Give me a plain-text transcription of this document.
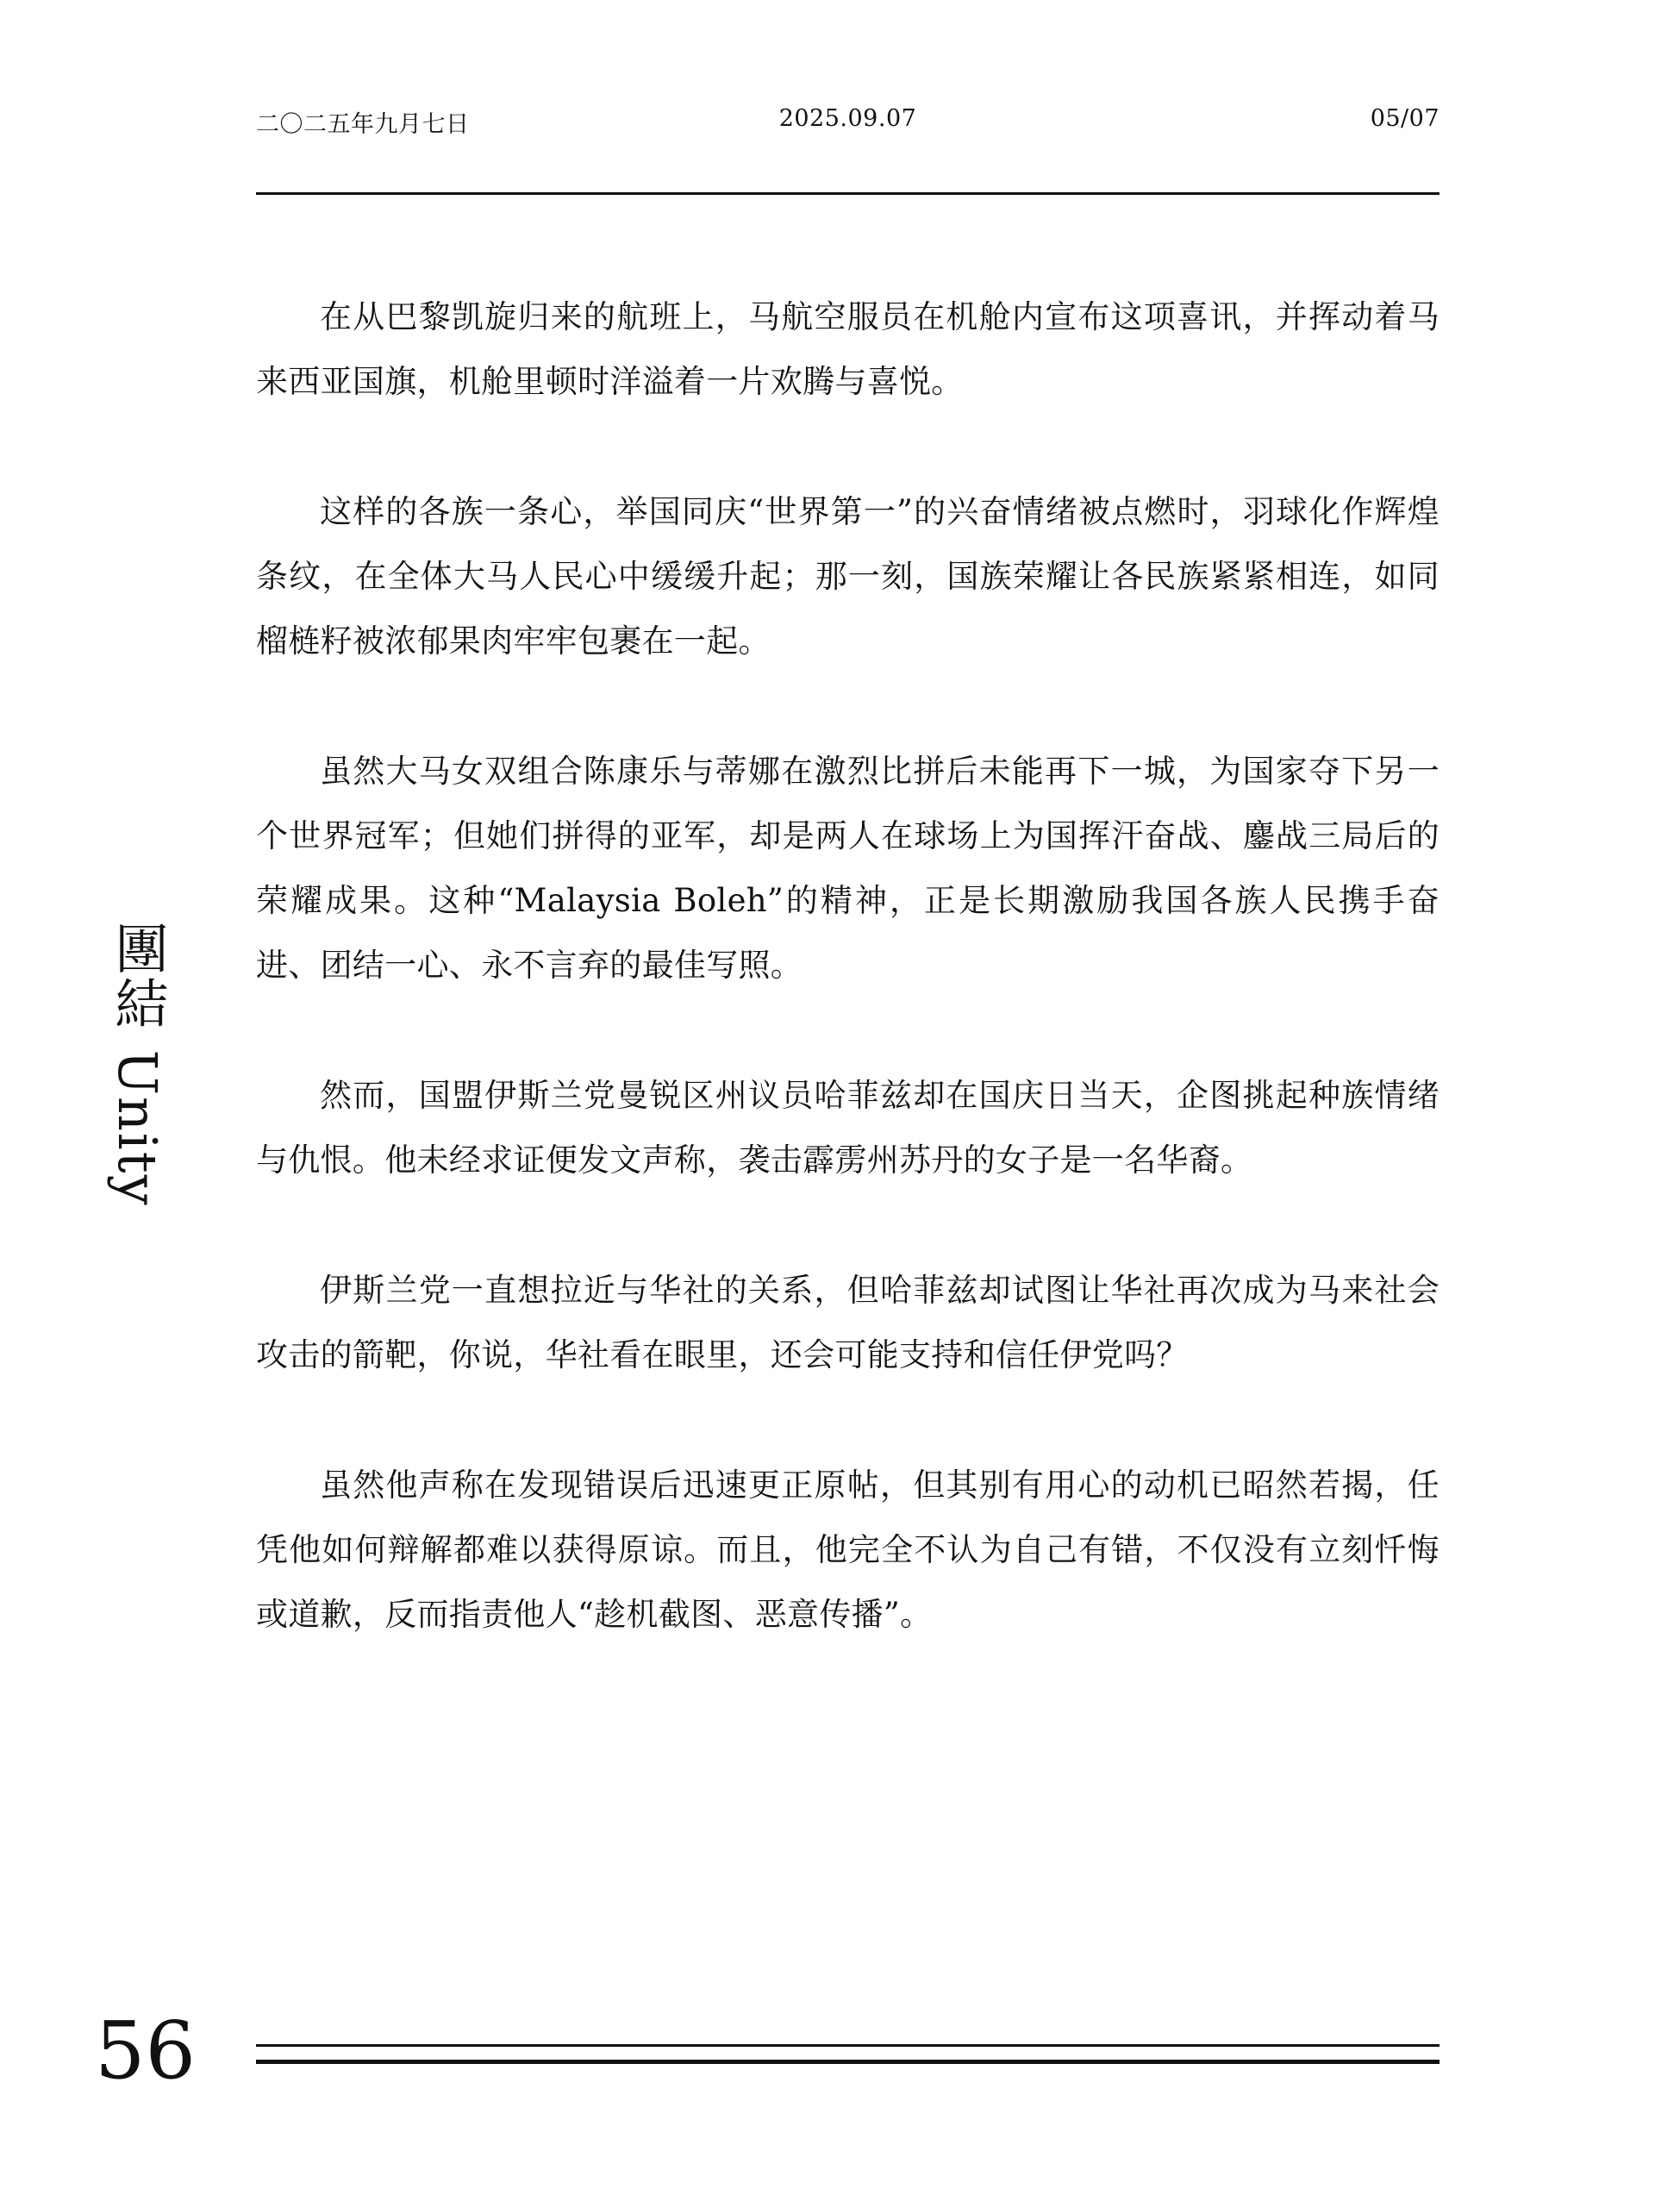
二〇二五年九月七日	2025.09.07	05/07

在从巴黎凯旋归来的航班上，马航空服员在机舱内宣布这项喜讯，并挥动着马来西亚国旗，机舱里顿时洋溢着一片欢腾与喜悦。

这样的各族一条心，举国同庆“世界第一”的兴奋情绪被点燃时，羽球化作辉煌条纹，在全体大马人民心中缓缓升起；那一刻，国族荣耀让各民族紧紧相连，如同榴梿籽被浓郁果肉牢牢包裹在一起。

虽然大马女双组合陈康乐与蒂娜在激烈比拼后未能再下一城，为国家夺下另一个世界冠军；但她们拼得的亚军，却是两人在球场上为国挥汗奋战、鏖战三局后的荣耀成果。这种“Malaysia Boleh”的精神，正是长期激励我国各族人民携手奋进、团结一心、永不言弃的最佳写照。

然而，国盟伊斯兰党曼锐区州议员哈菲兹却在国庆日当天，企图挑起种族情绪与仇恨。他未经求证便发文声称，袭击霹雳州苏丹的女子是一名华裔。

伊斯兰党一直想拉近与华社的关系，但哈菲兹却试图让华社再次成为马来社会攻击的箭靶，你说，华社看在眼里，还会可能支持和信任伊党吗？

虽然他声称在发现错误后迅速更正原帖，但其别有用心的动机已昭然若揭，任凭他如何辩解都难以获得原谅。而且，他完全不认为自己有错，不仅没有立刻忏悔或道歉，反而指责他人“趁机截图、恶意传播”。

團結 Unity
56
